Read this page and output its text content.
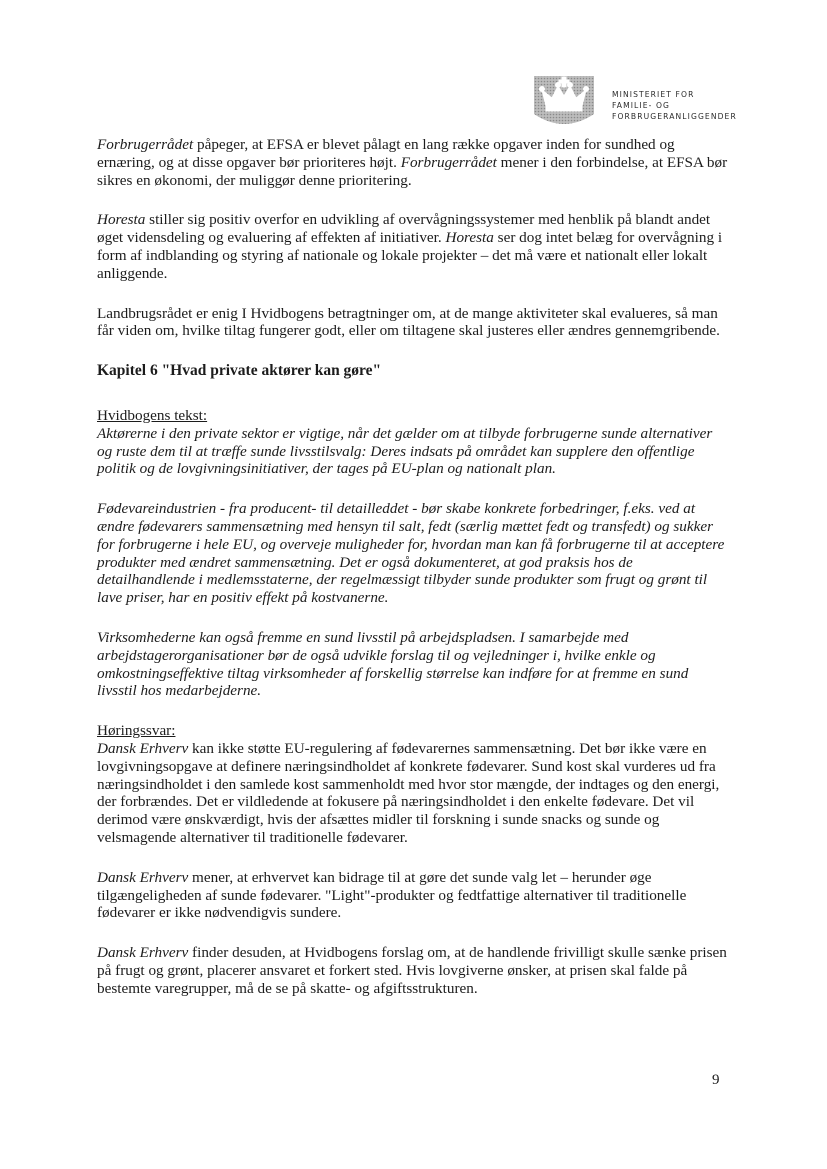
MINISTERIET FOR
FAMILIE- OG
FORBRUGERANLIGGENDER

Forbrugerrådet påpeger, at EFSA er blevet pålagt en lang række opgaver inden for sundhed og ernæring, og at disse opgaver bør prioriteres højt. Forbrugerrådet mener i den forbindelse, at EFSA bør sikres en økonomi, der muliggør denne prioritering.

Horesta stiller sig positiv overfor en udvikling af overvågningssystemer med henblik på blandt andet øget vidensdeling og evaluering af effekten af initiativer. Horesta ser dog intet belæg for overvågning i form af indblanding og styring af nationale og lokale projekter – det må være et nationalt eller lokalt anliggende.

Landbrugsrådet er enig I Hvidbogens betragtninger om, at de mange aktiviteter skal evalueres, så man får viden om, hvilke tiltag fungerer godt, eller om tiltagene skal justeres eller ændres gennemgribende.

Kapitel 6 "Hvad private aktører kan gøre"

Hvidbogens tekst:

Aktørerne i den private sektor er vigtige, når det gælder om at tilbyde forbrugerne sunde alternativer og ruste dem til at træffe sunde livsstilsvalg: Deres indsats på området kan supplere den offentlige politik og de lovgivningsinitiativer, der tages på EU-plan og nationalt plan.

Fødevareindustrien - fra producent- til detailleddet - bør skabe konkrete forbedringer, f.eks. ved at ændre fødevarers sammensætning med hensyn til salt, fedt (særlig mættet fedt og transfedt) og sukker for forbrugerne i hele EU, og overveje muligheder for, hvordan man kan få forbrugerne til at acceptere produkter med ændret sammensætning. Det er også dokumenteret, at god praksis hos de detailhandlende i medlemsstaterne, der regelmæssigt tilbyder sunde produkter som frugt og grønt til lave priser, har en positiv effekt på kostvanerne.

Virksomhederne kan også fremme en sund livsstil på arbejdspladsen. I samarbejde med arbejdstagerorganisationer bør de også udvikle forslag til og vejledninger i, hvilke enkle og omkostningseffektive tiltag virksomheder af forskellig størrelse kan indføre for at fremme en sund livsstil hos medarbejderne.

Høringssvar:

Dansk Erhverv kan ikke støtte EU-regulering af fødevarernes sammensætning. Det bør ikke være en lovgivningsopgave at definere næringsindholdet af konkrete fødevarer. Sund kost skal vurderes ud fra næringsindholdet i den samlede kost sammenholdt med hvor stor mængde, der indtages og den energi, der forbrændes. Det er vildledende at fokusere på næringsindholdet i den enkelte fødevare. Det vil derimod være ønskværdigt, hvis der afsættes midler til forskning i sunde snacks og sunde og velsmagende alternativer til traditionelle fødevarer.

Dansk Erhverv mener, at erhvervet kan bidrage til at gøre det sunde valg let – herunder øge tilgængeligheden af sunde fødevarer. "Light"-produkter og fedtfattige alternativer til traditionelle fødevarer er ikke nødvendigvis sundere.

Dansk Erhverv finder desuden, at Hvidbogens forslag om, at de handlende frivilligt skulle sænke prisen på frugt og grønt, placerer ansvaret et forkert sted. Hvis lovgiverne ønsker, at prisen skal falde på bestemte varegrupper, må de se på skatte- og afgiftsstrukturen.

9
